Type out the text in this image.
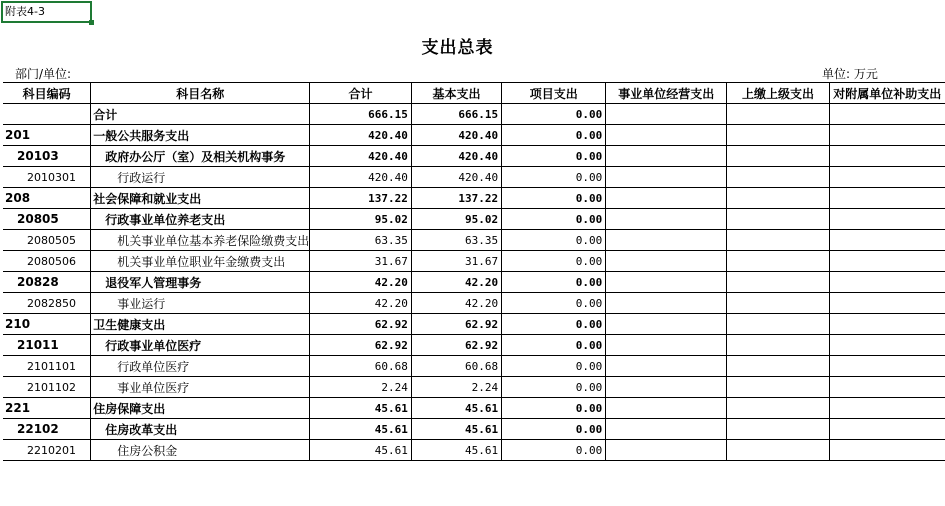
附表4-3
支出总表
部门/单位:	单位: 万元
科目编码	科目名称	合计	基本支出	项目支出	事业单位经营支出	上缴上级支出	对附属单位补助支出
	合计	666.15	666.15	0.00			
201	一般公共服务支出	420.40	420.40	0.00			
20103	政府办公厅（室）及相关机构事务	420.40	420.40	0.00			
2010301	行政运行	420.40	420.40	0.00			
208	社会保障和就业支出	137.22	137.22	0.00			
20805	行政事业单位养老支出	95.02	95.02	0.00			
2080505	机关事业单位基本养老保险缴费支出	63.35	63.35	0.00			
2080506	机关事业单位职业年金缴费支出	31.67	31.67	0.00			
20828	退役军人管理事务	42.20	42.20	0.00			
2082850	事业运行	42.20	42.20	0.00			
210	卫生健康支出	62.92	62.92	0.00			
21011	行政事业单位医疗	62.92	62.92	0.00			
2101101	行政单位医疗	60.68	60.68	0.00			
2101102	事业单位医疗	2.24	2.24	0.00			
221	住房保障支出	45.61	45.61	0.00			
22102	住房改革支出	45.61	45.61	0.00			
2210201	住房公积金	45.61	45.61	0.00			
